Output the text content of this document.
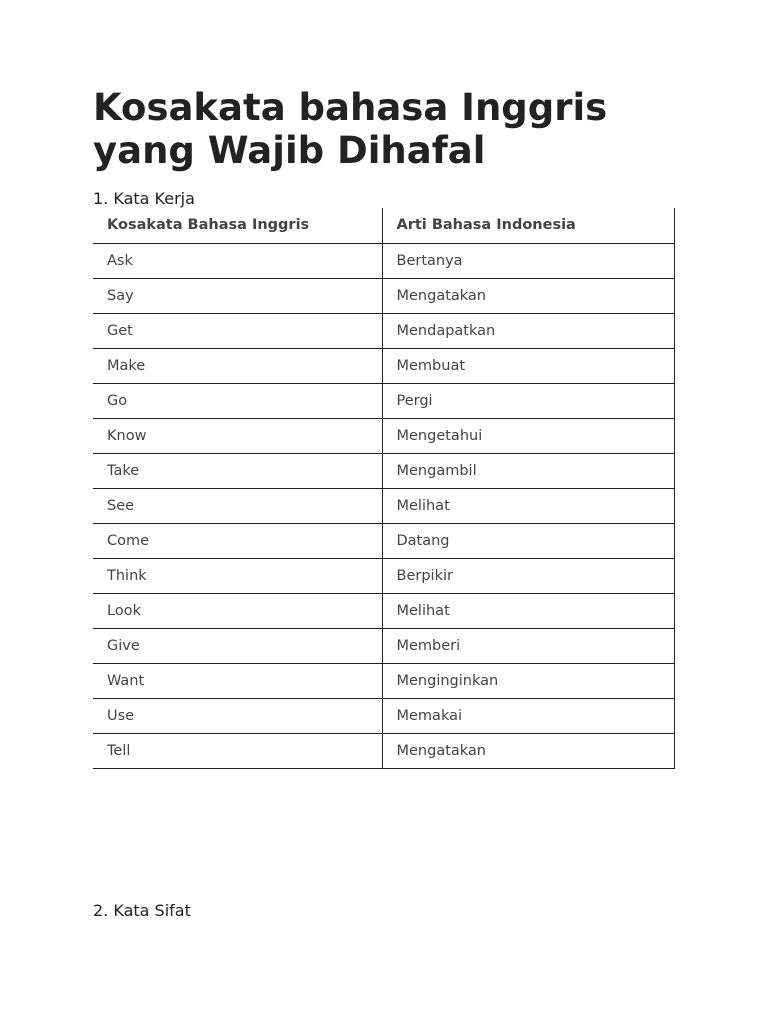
Kosakata bahasa Inggris yang Wajib Dihafal

1. Kata Kerja

Kosakata Bahasa Inggris	Arti Bahasa Indonesia
Ask	Bertanya
Say	Mengatakan
Get	Mendapatkan
Make	Membuat
Go	Pergi
Know	Mengetahui
Take	Mengambil
See	Melihat
Come	Datang
Think	Berpikir
Look	Melihat
Give	Memberi
Want	Menginginkan
Use	Memakai
Tell	Mengatakan

2. Kata Sifat
